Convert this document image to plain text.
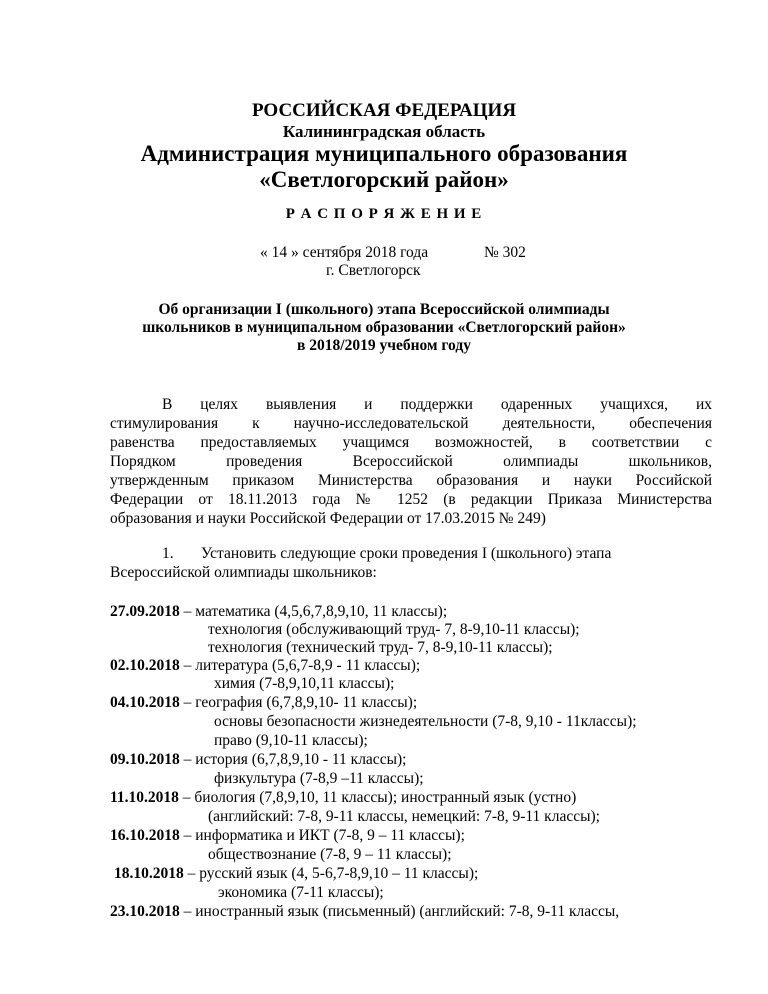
РОССИЙСКАЯ ФЕДЕРАЦИЯ
Калининградская область
Администрация муниципального образования
«Светлогорский район»
Р А С П О Р Я Ж Е Н И Е
« 14 » сентября 2018 года	№ 302
г. Светлогорск
Об организации I (школьного) этапа Всероссийской олимпиады
школьников в муниципальном образовании «Светлогорский район»
в 2018/2019 учебном году
В целях выявления и поддержки одаренных учащихся, их
стимулирования к научно-исследовательской деятельности, обеспечения
равенства предоставляемых учащимся возможностей, в соответствии с
Порядком проведения Всероссийской олимпиады школьников,
утвержденным приказом Министерства образования и науки Российской
Федерации от 18.11.2013 года № 1252 (в редакции Приказа Министерства
образования и науки Российской Федерации от 17.03.2015 № 249)
1. Установить следующие сроки проведения I (школьного) этапа
Всероссийской олимпиады школьников:
27.09.2018 – математика (4,5,6,7,8,9,10, 11 классы);
технология (обслуживающий труд- 7, 8-9,10-11 классы);
технология (технический труд- 7, 8-9,10-11 классы);
02.10.2018 – литература (5,6,7-8,9 - 11 классы);
химия (7-8,9,10,11 классы);
04.10.2018 – география (6,7,8,9,10- 11 классы);
основы безопасности жизнедеятельности (7-8, 9,10 - 11классы);
право (9,10-11 классы);
09.10.2018 – история (6,7,8,9,10 - 11 классы);
физкультура (7-8,9 –11 классы);
11.10.2018 – биология (7,8,9,10, 11 классы); иностранный язык (устно)
(английский: 7-8, 9-11 классы, немецкий: 7-8, 9-11 классы);
16.10.2018 – информатика и ИКТ (7-8, 9 – 11 классы);
обществознание (7-8, 9 – 11 классы);
18.10.2018 – русский язык (4, 5-6,7-8,9,10 – 11 классы);
экономика (7-11 классы);
23.10.2018 – иностранный язык (письменный) (английский: 7-8, 9-11 классы,
